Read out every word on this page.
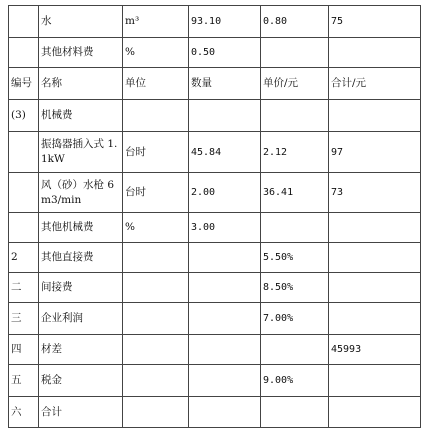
	水	m³	93.10	0.80	75
	其他材料费	%	0.50		
编号	名称	单位	数量	单价/元	合计/元
(3)	机械费				
	振捣器插入式 1.1kW	台时	45.84	2.12	97
	风（砂）水枪 6m3/min	台时	2.00	36.41	73
	其他机械费	%	3.00		
2	其他直接费			5.50%	
二	间接费			8.50%	
三	企业利润			7.00%	
四	材差				45993
五	税金			9.00%	
六	合计				
